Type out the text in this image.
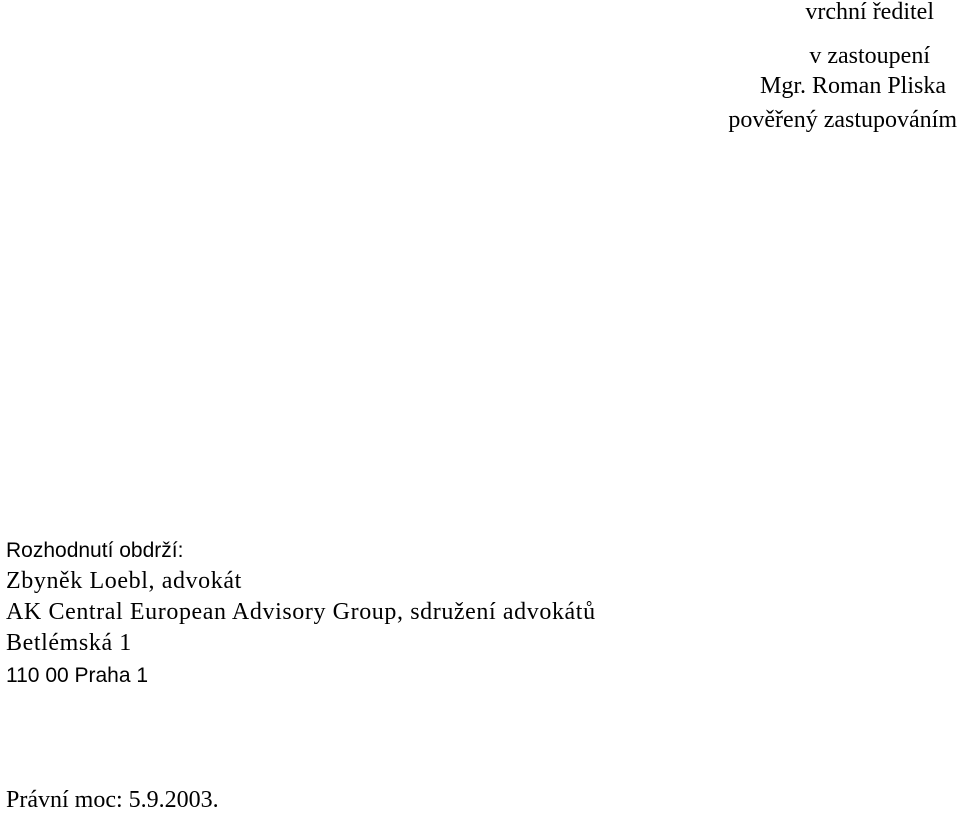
vrchní ředitel
v zastoupení
Mgr. Roman Pliska
pověřený zastupováním
Rozhodnutí obdrží:
Zbyněk Loebl, advokát
AK Central European Advisory Group, sdružení advokátů
Betlémská 1
110 00 Praha 1
Právní moc: 5.9.2003.
